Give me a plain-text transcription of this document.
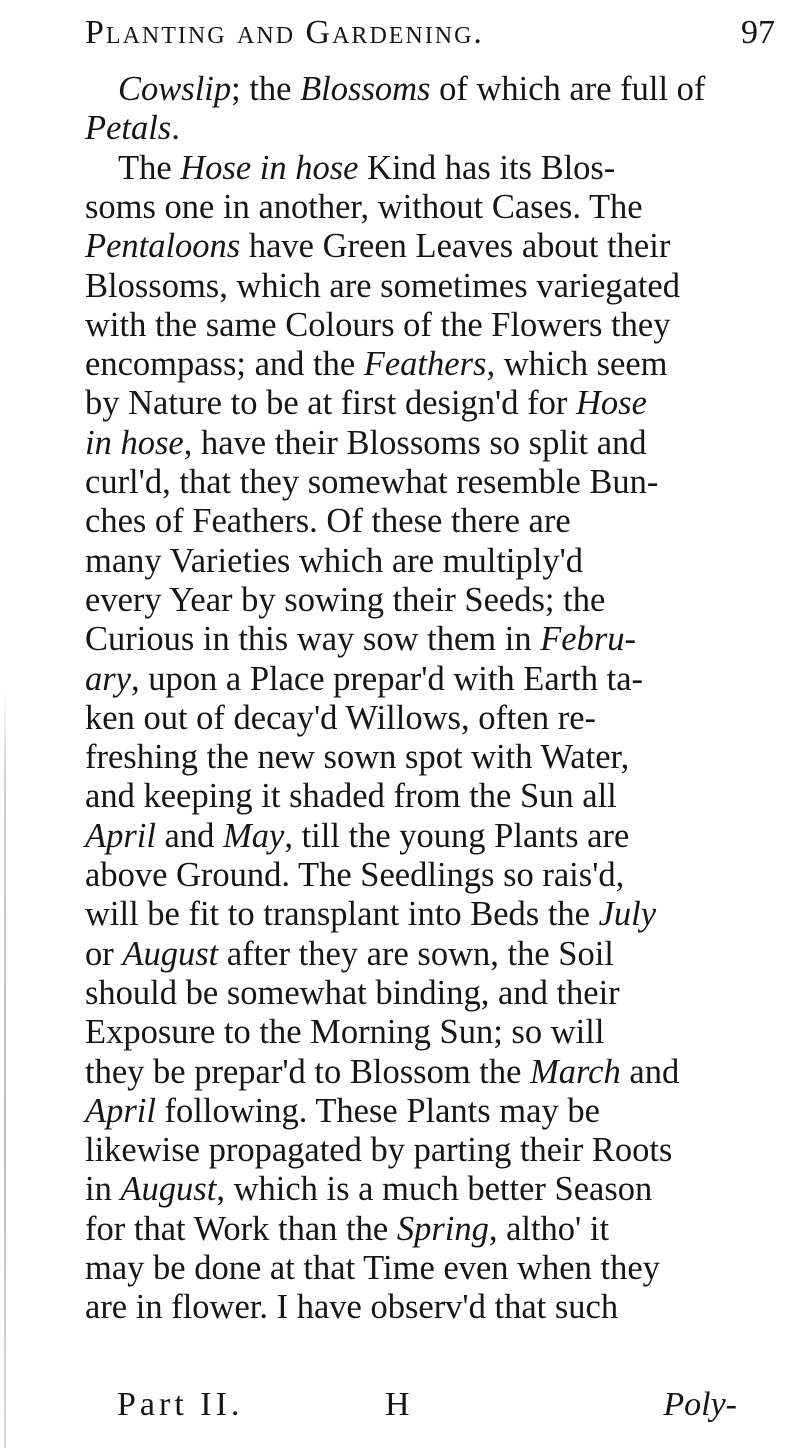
Planting and Gardening.	97
Cowslip; the Blossoms of which are full of
Petals.
The Hose in hose Kind has its Blos-
soms one in another, without Cases. The
Pentaloons have Green Leaves about their
Blossoms, which are sometimes variegated
with the same Colours of the Flowers they
encompass; and the Feathers, which seem
by Nature to be at first design'd for Hose
in hose, have their Blossoms so split and
curl'd, that they somewhat resemble Bun-
ches of Feathers. Of these there are
many Varieties which are multiply'd
every Year by sowing their Seeds; the
Curious in this way sow them in Febru-
ary, upon a Place prepar'd with Earth ta-
ken out of decay'd Willows, often re-
freshing the new sown spot with Water,
and keeping it shaded from the Sun all
April and May, till the young Plants are
above Ground. The Seedlings so rais'd,
will be fit to transplant into Beds the July
or August after they are sown, the Soil
should be somewhat binding, and their
Exposure to the Morning Sun; so will
they be prepar'd to Blossom the March and
April following. These Plants may be
likewise propagated by parting their Roots
in August, which is a much better Season
for that Work than the Spring, altho' it
may be done at that Time even when they
are in flower. I have observ'd that such
Part II.	H	Poly-
